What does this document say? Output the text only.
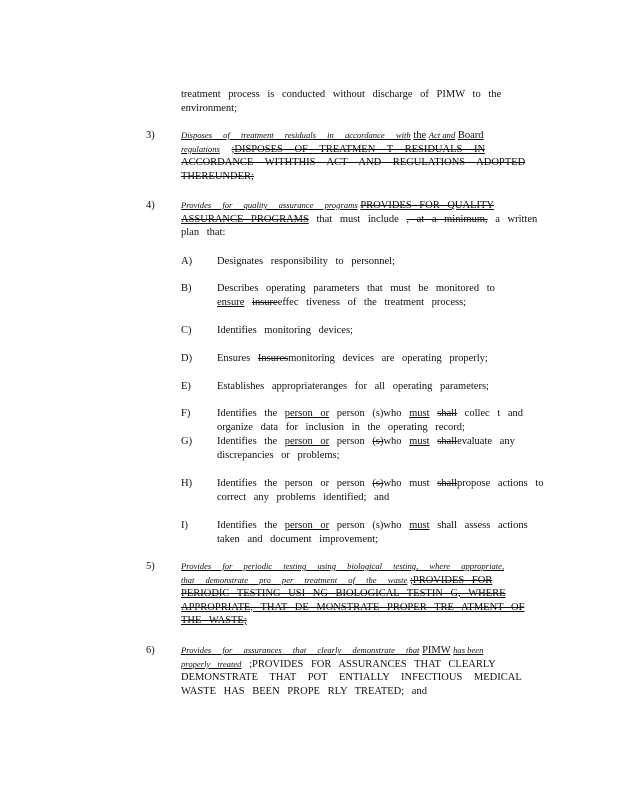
treatment process is conducted without discharge of PIMW to the
environment;
3)	Disposes of treatment residuals in accordance with the Act and Board
regulations ;DISPOSES OF TREATMEN T RESIDUALS IN
ACCORDANCE WITHTHIS ACT AND REGULATIONS ADOPTED
THEREUNDER;
4)	Provides for quality assurance programs PROVIDES FOR QUALITY
ASSURANCE PROGRAMS that must include , at a minimum, a written
plan that:
A) Designates responsibility to personnel;
B) Describes operating parameters that must be monitored to
ensure insureeffec tiveness of the treatment process;
C) Identifies monitoring devices;
D) Ensures Insuresmonitoring devices are operating properly;
E) Establishes appropriateranges for all operating parameters;
F)	Identifies the person or person (s)who must shall collec t and
organize data for inclusion in the operating record;
G) Identifies the person or person (s)who must shallevaluate any
discrepancies or problems;
H) Identifies the person or person (s)who must shallpropose actions to
correct any problems identified; and
I)	Identifies the person or person (s)who must shall assess actions
taken and document improvement;
5)	Provides for periodic testing using biological testing, where appropriate,
that demonstrate pro per treatment of the waste ;PROVIDES FOR
PERIODIC TESTING USI NG BIOLOGICAL TESTIN G, WHERE
APPROPRIATE, THAT DE MONSTRATE PROPER TRE ATMENT OF
THE WASTE;
6)	Provides for assurances that clearly demonstrate that PIMW has been
properly treated ;PROVIDES FOR ASSURANCES THAT CLEARLY
DEMONSTRATE THAT POT ENTIALLY INFECTIOUS MEDICAL
WASTE HAS BEEN PROPE RLY TREATED; and
